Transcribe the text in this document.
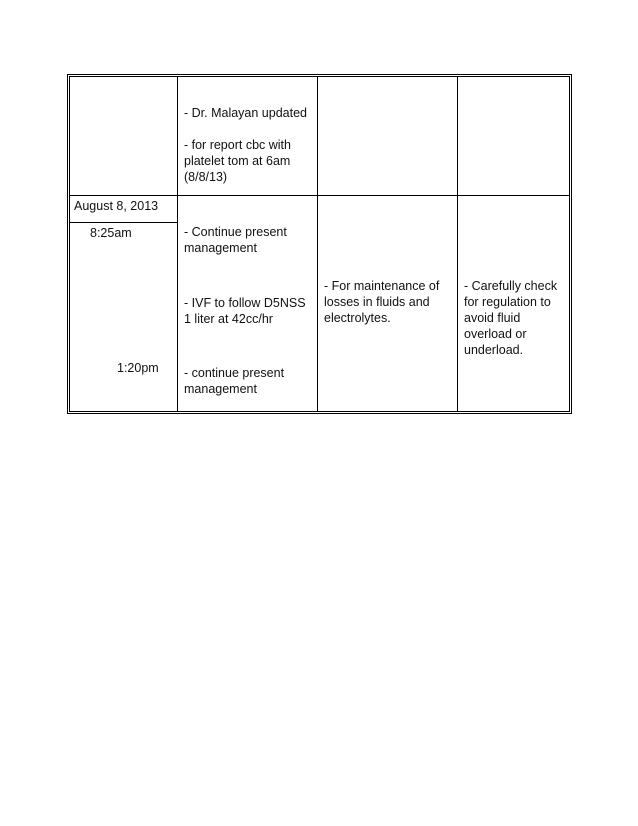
- Dr. Malayan updated
- for report cbc with
platelet tom at 6am
(8/8/13)
August 8, 2013
8:25am
1:20pm
- Continue present
management
- IVF to follow D5NSS
1 liter at 42cc/hr
- continue present
management
- For maintenance of
losses in fluids and
electrolytes.
- Carefully check
for regulation to
avoid fluid
overload or
underload.
